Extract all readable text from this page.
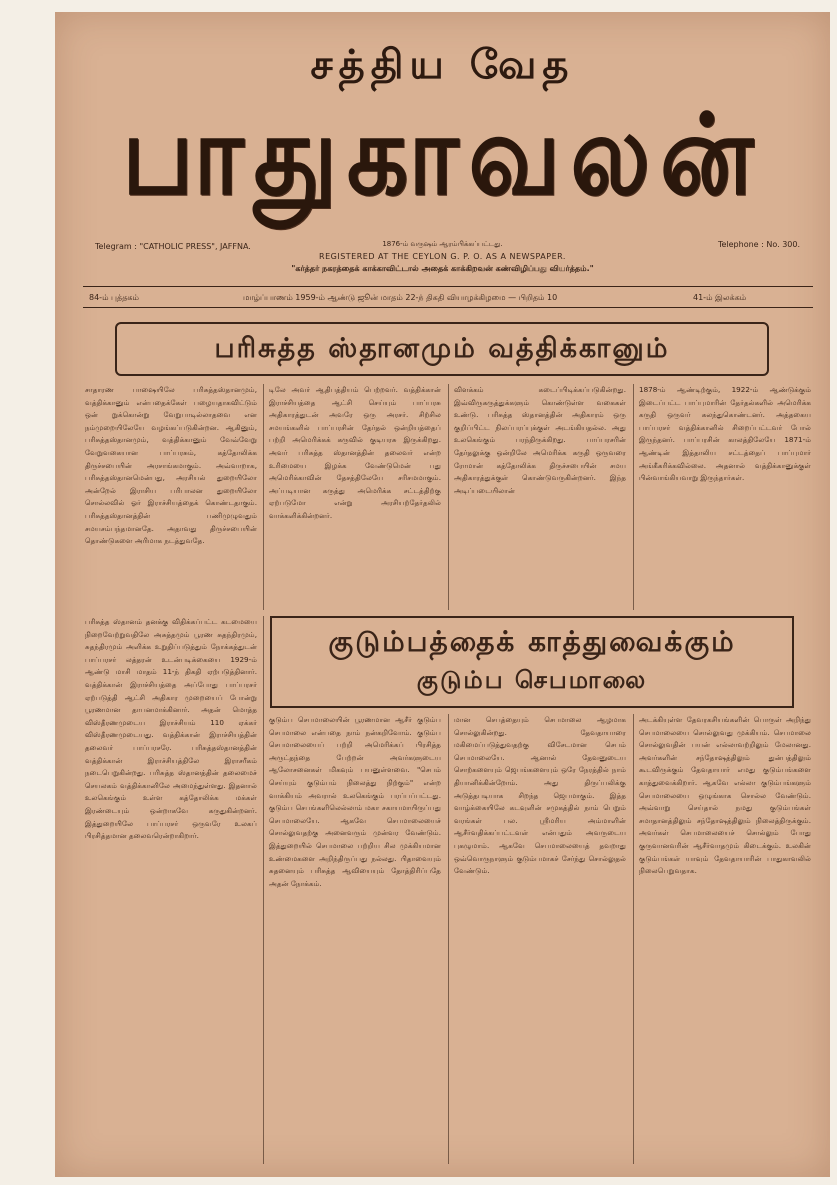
சத்திய வேத
பாதுகாவலன்
Telegram : "CATHOLIC PRESS", JAFFNA.	1876-ம் வருஷம் ஆரம்பிக்கப்பட்டது.	Telephone : No. 300.
REGISTERED AT THE CEYLON G. P. O. AS A NEWSPAPER.
"கர்த்தர் நகரத்தைக் காக்காவிட்டால் அதைக் காக்கிறவன் கண்விழிப்பது வியர்த்தம்."
84-ம் புத்தகம்	மாழ்ப்பாணம் 1959-ம் ஆண்டு ஜூன் மாதம் 22-ந் திகதி வியாழக்கிழமை — பிறிதம் 10	41-ம் இலக்கம்
பரிசுத்த ஸ்தானமும் வத்திக்கானும்
சாதாரண பாஷையிலே பரிசுத்தஸ்தானமும், வத்திக்கானும் என்பதைக்கேள் பழையதாகவிட்டும் ஒன் றுக்கொன்று வேறுபாடில்லாதவை என நம்முறையிலேயே வழங்கப்படுகின்றன. ஆகினும், பரிசுத்தஸ்தானமும், வத்திக்கானும் வேவ்வேறு வேறுவகையான பாப்பரசும், கத்தோலிக்க திருச்சபையின் அரசாங்கமாகும். அவ்வாறாக, பரிசுத்தஸ்தானமென்பது, அரசியல் துறையிலோ அன்றேல் இராசிய பரிபாலன துறையிலோ சொல்லவில் ஓர் இராச்சியத்தைக் கொண்டதாகும். பரிசுத்தஸ்தானத்தின் பணிமுழுவதும் சமயசம்பந்தமானதே. அதாவது திருச்சபையின் தொண்டுகளை அரிமாக நடத்துவதே.
டிலே அவர் ஆதிபத்தியம் பெற்றவர். வத்திக்கான் இராச்சியத்தை ஆட்சி செய்யும் பாப்பரசு அதிகாரத்துடன் அவரே ஒரு அரசர். சிற்சில சமயங்களில் பாப்பரசின் தேர்தல் ஒன்றியத்தைப் பற்றி அமெரிக்கக் கருவில் குடியரசு இருக்கிறது. அவர் பரிசுத்த ஸ்தானத்தின் தலைவர் என்ற உரிமையை இழக்க வேண்டுமென் பது அமெரிக்காவின் தேசத்திலேயே சரிசமமாகும். அப்படியான கருத்து அமெரிக்க சட்டத்திற்கு ஏற்படுமோ என்று அரசியற்தேர்தலில் வாக்களிக்கின்றனர்.
விளக்கம் கடைப்பிடிக்கப்படுகின்றது. இவ்விருகருத்துக்களும் கொண்டுள்ள வகைகள் உண்டு. பரிசுத்த ஸ்தானத்தின் அதிகாரம் ஒரு குறிப்பிட்ட நிலப்பரப்புக்குள் அடங்கியதல்ல. அது உலகெங்கும் பரந்திருக்கிறது. பாப்பரசரின் தேர்தலுக்கு ஒன்றிலே அமெரிக்க கருதி ஒருவரை ரோமான் கத்தோலிக்க திருச்சபையின் சமய அதிகாரத்துக்குள் கொண்டுவருகின்றனர். இந்த அடிப்படையிலான்
1878-ம் ஆண்டிற்கும், 1922-ம் ஆண்டுக்கும் இடைப்பட்ட பாப்புமாரின் தேர்தல்களில் அமெரிக்க கருதி ஒருவர் கலந்துகொண்டனர். அத்தகைய பாப்பரசர் வத்திக்கானில் சிறைப்பட்டவர் போல் இருந்தனர். பாப்பரசின் காலத்திலேயே 1871-ம் ஆண்டின் இத்தாலிய சட்டத்தைப் பாப்புமார் அங்கீகரிக்கவில்லை. அதனால் வத்திக்கானுக்குள் பின்வாங்கியவாறு இருந்தார்கள்.
பரிசுத்த ஸ்தானம் தனக்கு விதிக்கப்பட்ட கடமையை நிறைவேற்றுவதிலே அசுத்தமும் பூரண சுதந்திரமும், சுதந்திரமும் அளிக்க உறுதிப்படுத்தும் நோக்கத்துடன் பாப்பரசர் லத்தரன் உடன்படிக்கையை 1929-ம் ஆண்டு மாசி மாதம் 11-ந் திகதி ஏற்படுத்தினார். வத்திக்கான் இராச்சியத்தை அப்போது பாப்பரசர் ஏற்படுத்தி ஆட்சி அதிகார முறையைப் போன்று பூரணமான தாபனமாக்கினார். அதன் மொத்த விஸ்தீரணமுடைய இராச்சியம் 110 ஏக்கர் விஸ்தீரணமுடையது. வத்திக்கான் இராச்சியத்தின் தலைவர் பாப்பரசரே. பரிசுத்தஸ்தானத்தின் வத்திக்கான் இராச்சியத்திலே இராசரீகம் நடைபெறுகின்றது. பரிசுத்த ஸ்தானத்தின் தலைமைச் செயலகம் வத்திக்கானிலே அமைந்துள்ளது. இதனால் உலகெங்கும் உள்ள கத்தோலிக்க மக்கள் இரண்டையும் ஒன்றாகவே கருதுகின்றனர். இத்துறையிலே பாப்பரசர் ஒருவரே உலகப் பிரசித்தமான தலைவரென்றாகிறார்.
குடும்பத்தைக் காத்துவைக்கும்
குடும்ப செபமாலை
குடும்ப செபமாலையின் பூரணமான ஆசீர் குடும்ப செபமாலை என்பதை நாம் நன்கறிவோம். குடும்ப செபமாலையைப் பற்றி அமெரிக்கப் பிரசித்த அருட்தந்தை பேற்றன் அவர்களுடைய ஆலோசனைகள் மிகவும் பயனுள்ளவை. "செபம் செய்யும் குடும்பம் நிலைத்து நிற்கும்" என்ற வாக்கியம் அவரால் உலகெங்கும் பரப்பப்பட்டது. குடும்ப செபங்களிலெல்லாம் மகா சகாயமாயிருப்பது செபமாலையே. ஆகவே செபமாலையைச் சொல்லுவதற்கு அனைவரும் முன்வர வேண்டும். இத்துறையில் செபமாலை பற்றிய சில முக்கியமான உண்மைகளை அறிந்திருப்பது நல்லது. பிதாவையும் சுதனையும் பரிசுத்த ஆவியையும் தோத்திரிப்பதே அதன் நோக்கம்.
மான செபத்தையும் செபமாலை ஆழமாக சொல்லுகின்றது. தேவதாயாரை மகிமைப்படுத்துவதற்கு விசேடமான செபம் செபமாலையே. ஆனால் தேவனுடைய சொற்களையும் ஜெபங்களையும் ஒரே நேரத்தில் நாம் தியானிக்கின்றோம். அது திருப்பலிக்கு அடுத்தபடியாக சிறந்த ஜெபமாகும். இத்த வாழ்க்கையிலே கடவுளின் சமுகத்தில் நாம் பெறும் வரங்கள் பல. ஸ்ரீமரிய அம்மாளின் ஆசீர்வதிக்கப்பட்டவள் என்பதும் அவருடைய புகழுமாம். ஆகவே செபமாலையைத் தவறாது ஒவ்வொருநாளும் குடும்பமாகச் சேர்ந்து சொல்லுதல் வேண்டும்.
அடக்கியுள்ள தேவரகசியங்களின் பொருள் அறிந்து செபமாலையை சொல்லுவது முக்கியம். செபமாலை சொல்லுவதின் பயன் எல்லாவற்றிலும் மேலானது. அவர்களின் சந்தோஷத்திலும் துன்பத்திலும் கூடவிருக்கும் தேவதாயார் எமது குடும்பங்களை காத்துவைக்கிறார். ஆகவே எல்லா குடும்பங்களும் செபமாலையை ஒழுங்காக சொல்ல வேண்டும். அவ்வாறு செய்தால் நமது குடும்பங்கள் சமாதானத்திலும் சந்தோஷத்திலும் நிலைத்திருக்கும். அவர்கள் செபமாலையைச் சொல்லும் போது குருவானவரின் ஆசீர்வாதமும் கிடைக்கும். உலகின் குடும்பங்கள் யாவும் தேவதாயாரின் பாதுகாவலில் நிலைபெறுவதாக.
